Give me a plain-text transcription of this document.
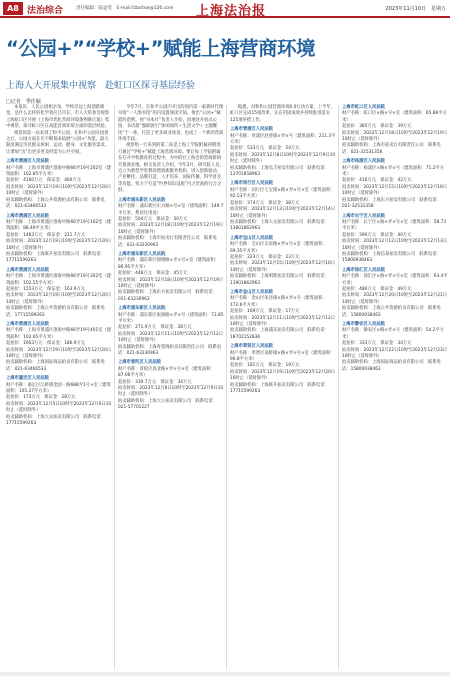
A8 法治综合	责任编辑：陆益雯　E-mail:fzbsfxw@126.com 上海法治报	2023年11月10日　星期五
“公园+”“学校+”赋能上海营商环境
上海人大开展集中视察　赴虹口区探寻基层经验
□记者　季佳颖

本报讯　人民公园相亲角，学校旁边上海创新课堂，是什么怎样的化学效应吕市长，市人大常委会视察上海虹口区开展《上海市优化营商环境条例修正案》集中视察，探寻虹口区在高能营商环境方面的基层经验。

视察的第一站来到了和平公园，在和平公园开园着之后，公园方面在在不断探求拓展“公园+”功能，最大限度满足市民群众休闲、运动、健身、文化服务需求。让诸如“出”出更多更及时需为公共空间。

上海市黄浦区人民法院
财产名称：上海市黄浦区淮海中路66弄19号202室（建筑面积：102.85平方米）
起拍价：4160万元　保证金：400万元
拍卖时间：2023年12月19日10时至2023年12月20日10时止（延时除外）
拍卖辅助机构：上海公共资源拍卖有限公司　联系电话：021-63466533
上海市黄浦区人民法院
财产名称：上海市黄浦区淮海中路66弄19号102室（建筑面积：88.49平方米）
起拍价：1463万元　保证金：211.7万元
拍卖时间：2023年12月19日10时至2023年12月20日10时止（延时除外）
拍卖辅助机构：上海联升拍卖有限公司　联系电话：17715599263
上海市黄浦区人民法院
财产名称：上海市黄浦区淮海中路66弄19号302室（建筑面积：102.55平方米）
起拍价：1553万元　保证金：163.9万元
拍卖时间：2023年12月19日10时至2023年12月20日10时止（延时除外）
拍卖辅助机构：上海公共资源拍卖有限公司　联系电话：17715599263
上海市黄浦区人民法院
财产名称：上海市黄浦区淮海中路66弄19号401室（建筑面积：102.65平方米）
起拍价：1663万元　保证金：186.9万元
拍卖时间：2023年12月19日10时至2023年12月20日10时止（延时除外）
拍卖辅助机构：上海国际商品拍卖有限公司　联系电话：021-63466533
上海市嘉定区人民法院
财产名称：嘉定区江桥镇金园一路688弄1号×室（建筑面积：105.37平方米）
起拍价：173万元　保证金：28万元
拍卖时间：2023年12月5日10时至2023年12月6日10时止（延时除外）
拍卖辅助机构：上海大众拍卖有限公司　联系电话：17715599263

今年7月，在和平公园内开出的国内第一家新时代图书馆“一人图书馆”的内设置阅读空间，推出“公园+”赋能的范例。视“书本社”负责人介绍，因地处开放式公园，书店最“强联链引”休闲场所＋生活文学＋主题餐饮”于一体，打造了更多商业场景，也成了一个新的营商环境手段。

视察组一行来到的第二站是上海工学院附属初期进行通过“学校+”赋能上海营商环境。要让每工学院附属在打开学校教育的过程中，为中的社上海会的营商新研究推商业地。相关负责人介绍，今年2月，研究院人员，完立为新型学堂利高增效新服务机构，进入创新驱动。产业孵化、品牌打造、人才培养、国际传播、科学普及等功能。致力于打造“世界知识设施”内之营商的行合之群。

上海市浦东新区人民法院
财产名称：浦东新区东方路×号×室（建筑面积：149.7平方米，系居住用房）
起拍价：504万元　保证金：50万元
拍卖时间：2023年12月18日10时至2023年12月19日10时止（延时除外）
拍卖辅助机构：上海市拍卖行有限责任公司　联系电话：021-63230963
上海市浦东新区人民法院
财产名称：浦东新区锦绣路×弄×号×室（建筑面积：86.95平方米）
起拍价：448万元　保证金：45万元
拍卖时间：2023年12月18日10时至2023年12月19日10时止（延时除外）
拍卖辅助机构：上海东方拍卖有限公司　联系电话：021-63230963
上海市浦东新区人民法院
财产名称：浦东新区张杨路×弄×号（建筑面积：73.85平方米）
起拍价：271.9万元　保证金：28万元
拍卖时间：2023年12月11日10时至2023年12月12日10时止（延时除外）
拍卖辅助机构：上海青莲阁拍卖有限责任公司　联系电话：021-63230963
上海市普陀区人民法院
财产名称：普陀区真北路×弄×号×室（建筑面积：87.06平方米）
起拍价：339.7万元　保证金：34万元
拍卖时间：2023年12月8日10时至2023年12月9日10时止（延时除外）
拍卖辅助机构：上海大公拍卖有限公司　联系电话：021-57701227

据悉，对和和公园营商环境6.0行动方案，上半年，虹口区完成15项改革，正在巩固成效并持续推进落实125项举措工作。

上海市青浦区人民法院
财产名称：青浦区赵巷镇×弄×号（建筑面积：211.3平方米）
起拍价：533万元　保证金：54万元
拍卖时间：2023年12月8日10时至2023年12月9日10时止（延时除外）
拍卖辅助机构：上海弘丰拍卖有限公司　联系电话：13701858963
上海市闵行区人民法院
财产名称：闵行区七宝镇×路×弄×号×室（建筑面积：92.53平方米）
起拍价：374万元　保证金：38万元
拍卖时间：2023年12月13日10时至2023年12月14日10时止（延时除外）
拍卖辅助机构：上海大众拍卖有限公司　联系电话：13801862963
上海市宝山区人民法院
财产名称：宝山区友谊路×弄×号×室（建筑面积：69.35平方米）
起拍价：223万元　保证金：23万元
拍卖时间：2023年12月15日10时至2023年12月16日10时止（延时除外）
拍卖辅助机构：上海明辉拍卖有限公司　联系电话：13901862963
上海市金山区人民法院
财产名称：金山区朱泾镇×路×弄×号（建筑面积：172.6平方米）
起拍价：169万元　保证金：17万元
拍卖时间：2023年12月11日10时至2023年12月12日10时止（延时除外）
拍卖辅助机构：上海浦东拍卖有限公司　联系电话：18702152836
上海市奉贤区人民法院
财产名称：奉贤区南桥镇×路×弄×号×室（建筑面积：90.8平方米）
起拍价：181万元　保证金：19万元
拍卖时间：2023年12月19日10时至2023年12月20日10时止（延时除外）
拍卖辅助机构：上海联升拍卖有限公司　联系电话：17715599263
上海市虹口区人民法院
财产名称：虹口区×路×号×室（建筑面积：65.88平方米）
起拍价：385万元　保证金：39万元
拍卖时间：2023年12月18日10时至2023年12月19日10时止（延时除外）
拍卖辅助机构：上海市拍卖行有限责任公司　联系电话：021-32531358
上海市杨浦区人民法院
财产名称：杨浦区×路×弄×号（建筑面积：71.2平方米）
起拍价：416万元　保证金：42万元
拍卖时间：2023年12月15日10时至2023年12月16日10时止（延时除外）
拍卖辅助机构：上海东方拍卖有限公司　联系电话：021-32531358
上海市长宁区人民法院
财产名称：长宁区×路×弄×号×室（建筑面积：58.73平方米）
起拍价：390万元　保证金：40万元
拍卖时间：2023年12月12日10时至2023年12月13日10时止（延时除外）
拍卖辅助机构：上海信泰拍卖有限公司　联系电话：15800938463
上海市徐汇区人民法院
财产名称：徐汇区×路×弄×号×室（建筑面积：63.4平方米）
起拍价：486万元　保证金：49万元
拍卖时间：2023年12月20日10时至2023年12月21日10时止（延时除外）
拍卖辅助机构：上海公共资源拍卖有限公司　联系电话：15800938463
上海市静安区人民法院
财产名称：静安区×路×弄×号（建筑面积：54.2平方米）
起拍价：333万元　保证金：34万元
拍卖时间：2023年12月22日10时至2023年12月23日10时止（延时除外）
拍卖辅助机构：上海国际商品拍卖有限公司　联系电话：15800938463
